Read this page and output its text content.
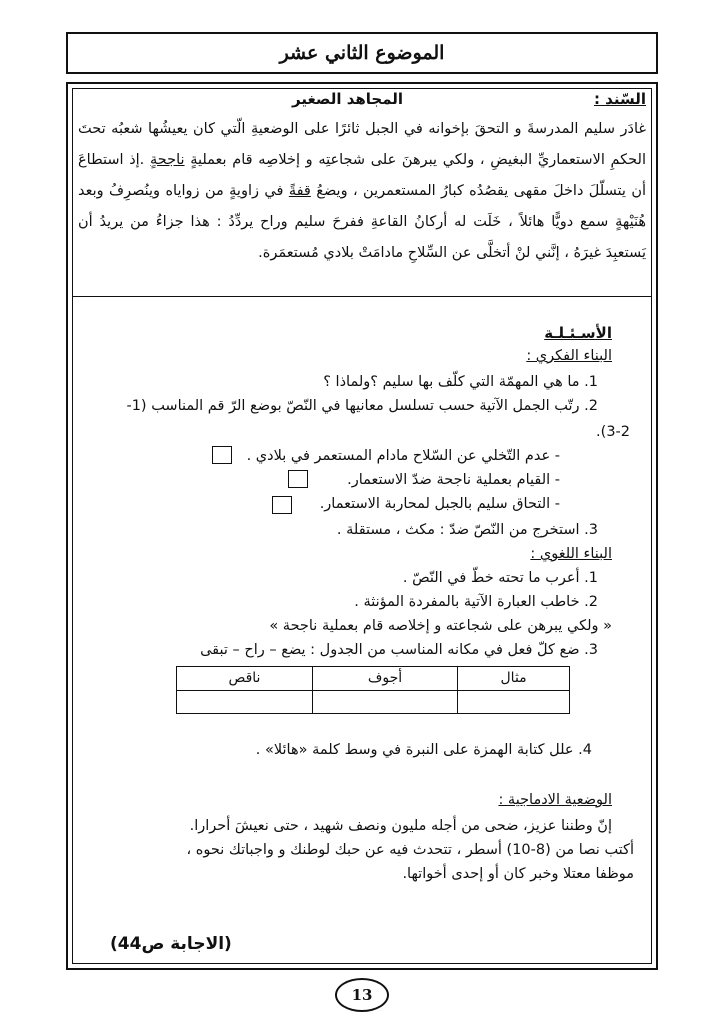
الموضوع الثاني عشر
السّند :
المجاهد الصغير
غادَر سليم المدرسةَ و التحقَ بإخوانه في الجبل ثائرًا على الوضعيةِ الّتي كان يعيشُها شعبُه تحتَ الحكمِ الاستعماريِّ البغيضِ ، ولكي يبرهنَ على شجاعتِه و إخلاصِه قام بعمليةٍ ناجحةٍ .إذ استطاعَ أن يتسلّلَ داخلَ مقهى يقصُدُه كبارُ المستعمرين ، ويضعُ قفةً في زاويةٍ من زواياه وينُصرِفُ وبعد هُنَيْهةٍ سمع دويًّا هائلاً ، خَلَت له أركانُ القاعةِ ففرحَ سليم وراح يردِّدُ : هذا جزاءُ من يريدُ أن يَستعبِدَ غيرَهُ ، إنَّني لنْ أتخلَّى عن السِّلاحِ مادامَتْ بلادي مُستعمَرة.
الأسـئـلـة
البناء الفكري :
1. ما هي المهمّة التي كلّف بها سليم ؟ولماذا ؟
2. رتّب الجمل الآتية حسب تسلسل معانيها في النّصّ بوضع الرّ قم المناسب (1-
3-2).
- عدم التّخلي عن السّلاح مادام المستعمر في بلادي .
- القيام بعملية ناجحة ضدّ الاستعمار.
- التحاق سليم بالجبل لمحاربة الاستعمار.
3. استخرج من النّصّ ضدّ : مكث ، مستقلة .
البناء اللغوي :
1. أعرب ما تحته خطّ في النّصّ .
2. خاطب العبارة الآتية بالمفردة المؤنثة .
« ولكي يبرهن على شجاعته و إخلاصه قام بعملية ناجحة »
3. ضع كلّ فعل في مكانه المناسب من الجدول : يضع – راح – تبقى
مثال	أجوف	ناقص

4. علل كتابة الهمزة على النبرة في وسط كلمة «هائلا» .
الوضعية الادماجية :
إنّ وطننا عزيز، ضحى من أجله مليون ونصف شهيد ، حتى نعيشَ أحرارا.
أكتب نصا من (8-10) أسطر ، تتحدث فيه عن حبك لوطنك و واجباتك نحوه ،
موظفا معتلا وخبر كان أو إحدى أخواتها.
(الاجابة ص44)
13
